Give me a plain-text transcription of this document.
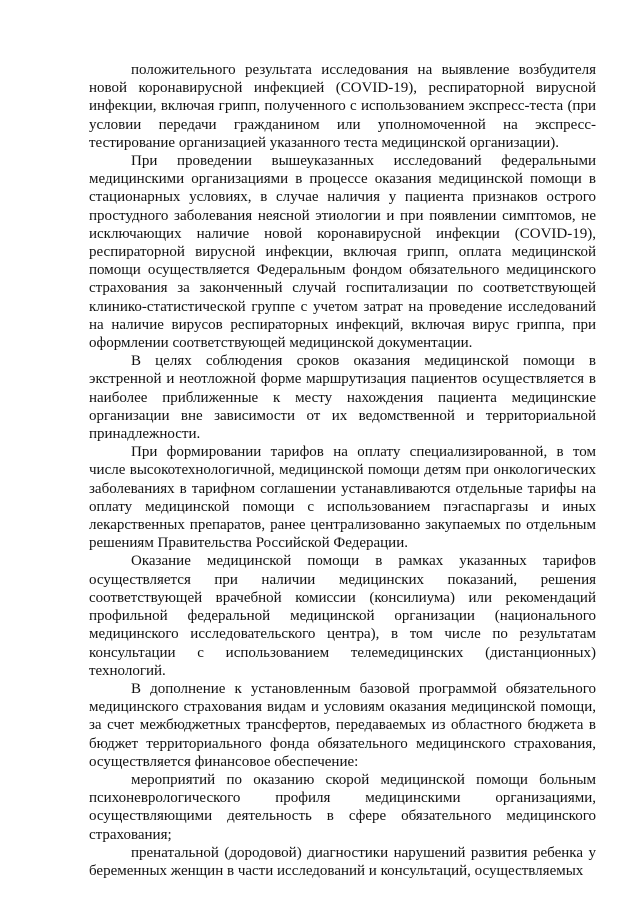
положительного результата исследования на выявление возбудителя новой коронавирусной инфекцией (COVID-19), респираторной вирусной инфекции, включая грипп, полученного с использованием экспресс-теста (при условии передачи гражданином или уполномоченной на экспресс-тестирование организацией указанного теста медицинской организации).

При проведении вышеуказанных исследований федеральными медицинскими организациями в процессе оказания медицинской помощи в стационарных условиях, в случае наличия у пациента признаков острого простудного заболевания неясной этиологии и при появлении симптомов, не исключающих наличие новой коронавирусной инфекции (COVID-19), респираторной вирусной инфекции, включая грипп, оплата медицинской помощи осуществляется Федеральным фондом обязательного медицинского страхования за законченный случай госпитализации по соответствующей клинико-статистической группе с учетом затрат на проведение исследований на наличие вирусов респираторных инфекций, включая вирус гриппа, при оформлении соответствующей медицинской документации.

В целях соблюдения сроков оказания медицинской помощи в экстренной и неотложной форме маршрутизация пациентов осуществляется в наиболее приближенные к месту нахождения пациента медицинские организации вне зависимости от их ведомственной и территориальной принадлежности.

При формировании тарифов на оплату специализированной, в том числе высокотехнологичной, медицинской помощи детям при онкологических заболеваниях в тарифном соглашении устанавливаются отдельные тарифы на оплату медицинской помощи с использованием пэгаспаргазы и иных лекарственных препаратов, ранее централизованно закупаемых по отдельным решениям Правительства Российской Федерации.

Оказание медицинской помощи в рамках указанных тарифов осуществляется при наличии медицинских показаний, решения соответствующей врачебной комиссии (консилиума) или рекомендаций профильной федеральной медицинской организации (национального медицинского исследовательского центра), в том числе по результатам консультации с использованием телемедицинских (дистанционных) технологий.

В дополнение к установленным базовой программой обязательного медицинского страхования видам и условиям оказания медицинской помощи, за счет межбюджетных трансфертов, передаваемых из областного бюджета в бюджет территориального фонда обязательного медицинского страхования, осуществляется финансовое обеспечение:

мероприятий по оказанию скорой медицинской помощи больным психоневрологического профиля медицинскими организациями, осуществляющими деятельность в сфере обязательного медицинского страхования;

пренатальной (дородовой) диагностики нарушений развития ребенка у беременных женщин в части исследований и консультаций, осуществляемых
